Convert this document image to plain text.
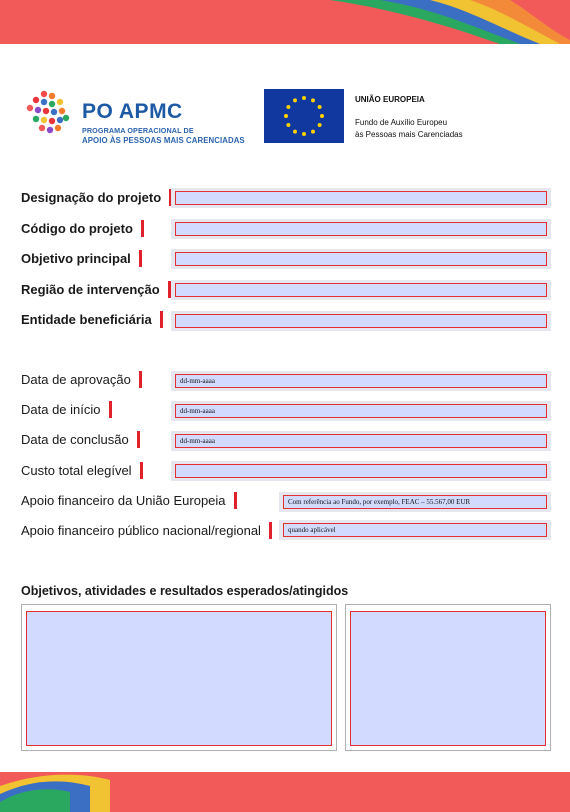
PO APMC
PROGRAMA OPERACIONAL DE
APOIO ÀS PESSOAS MAIS CARENCIADAS
UNIÃO EUROPEIA
Fundo de Auxílio Europeu
às Pessoas mais Carenciadas
Designação do projeto
Código do projeto
Objetivo principal
Região de intervenção
Entidade beneficiária
Data de aprovação	dd-mm-aaaa
Data de início	dd-mm-aaaa
Data de conclusão	dd-mm-aaaa
Custo total elegível
Apoio financeiro da União Europeia	Com referência ao Fundo, por exemplo, FEAC – 55.567,00 EUR
Apoio financeiro público nacional/regional	quando aplicável
Objetivos, atividades e resultados esperados/atingidos
